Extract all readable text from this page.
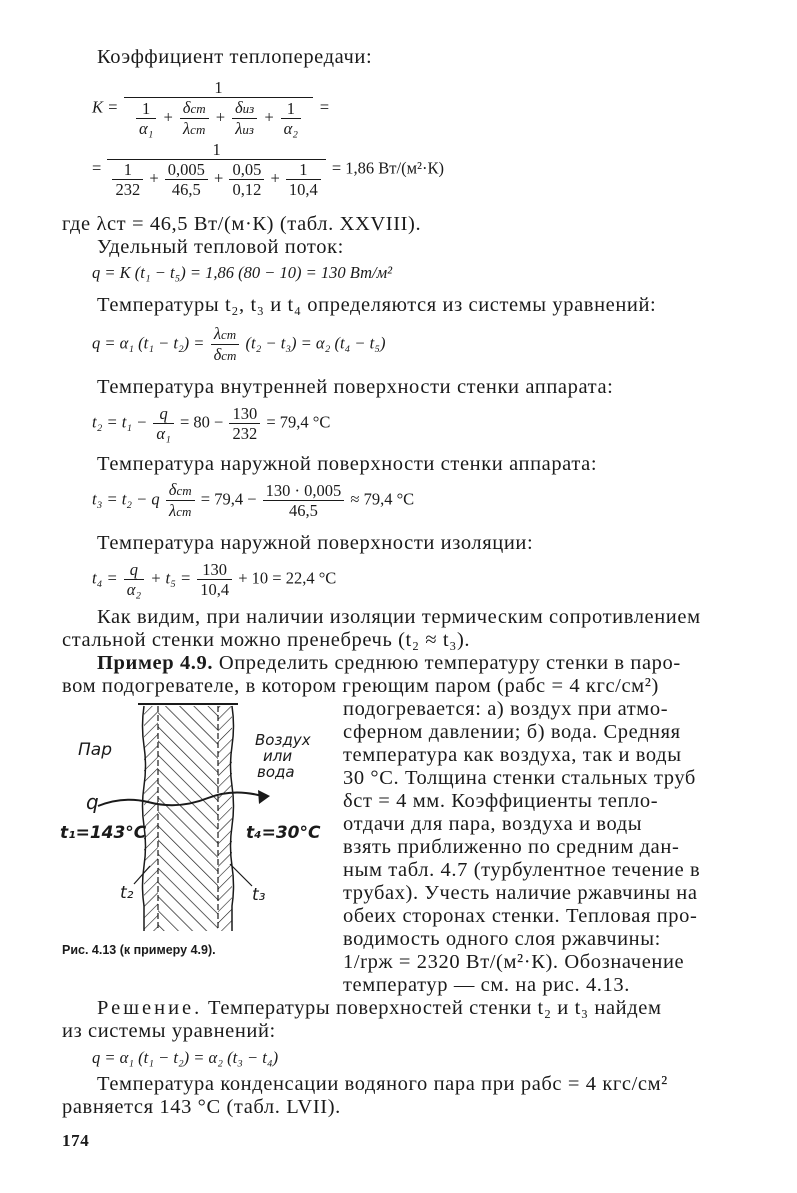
Коэффициент теплопередачи:
$K = \frac{1}{\frac{1}{\text{α₁}} + \frac{\text{δст}}{\text{λст}} + \frac{\text{δиз}}{\text{λиз}} + \frac{1}{\text{α₂}}}$ =
= $\frac{1}{\frac{1}{232} + \frac{0,005}{46,5} + \frac{0,05}{0,12} + \frac{1}{10,4}} = 1,86$ Вт/(м²·К)
где λст = 46,5 Вт/(м·К) (табл. XXVIII).
Удельный тепловой поток:
q = K (t₁ − t₅) = 1,86 (80 − 10) = 130 Вт/м²
Температуры t₂, t₃ и t₄ определяются из системы уравнений:
q = α₁ $(t_1 - t_2) = \frac{\text{λст}}{\text{δст}} (t_2 - t_3) = \alpha_2$ (t₄ − t₅)
Температура внутренней поверхности стенки аппарата:
$t_2 = t_1 - \frac{q}{\text{α₁}} = 80 - \frac{130}{232} = 79,4$ °С
Температура наружной поверхности стенки аппарата:
t₃ = t₂ − q $\frac{\text{δст}}{\text{λст}} = 79,4 - \frac{130 \cdot 0,005}{46,5} \approx 79,4$ °С
Температура наружной поверхности изоляции:
$t_4 = \frac{q}{\text{α₂}} + t_5 = \frac{130}{10,4} + 10 = 22,4$ °С
Как видим, при наличии изоляции термическим сопротивлением
стальной стенки можно пренебречь (t₂ ≈ t₃).
Пример 4.9. Определить среднюю температуру стенки в паро-
вом подогревателе, в котором греющим паром (pабс = 4 кгс/см²)
подогревается: а) воздух при атмо-
сферном давлении; б) вода. Средняя
температура как воздуха, так и воды
30 °С. Толщина стенки стальных труб
δст = 4 мм. Коэффициенты тепло-
отдачи для пара, воздуха и воды
взять приближенно по средним дан-
ным табл. 4.7 (турбулентное течение в
трубах). Учесть наличие ржавчины на
обеих сторонах стенки. Тепловая про-
водимость одного слоя ржавчины:
1/rрж = 2320 Вт/(м²·К). Обозначение
температур — см. на рис. 4.13.
Пар	Воздух
или
вода
q
t₁=143°C	t₄=30°C
t₂	t₃
Рис. 4.13 (к примеру 4.9).
Решение. Температуры поверхностей стенки t₂ и t₃ найдем
из системы уравнений:
q = α₁ (t₁ − t₂) = α₂ (t₃ − t₄)
Температура конденсации водяного пара при pабс = 4 кгс/см²
равняется 143 °С (табл. LVII).
174
